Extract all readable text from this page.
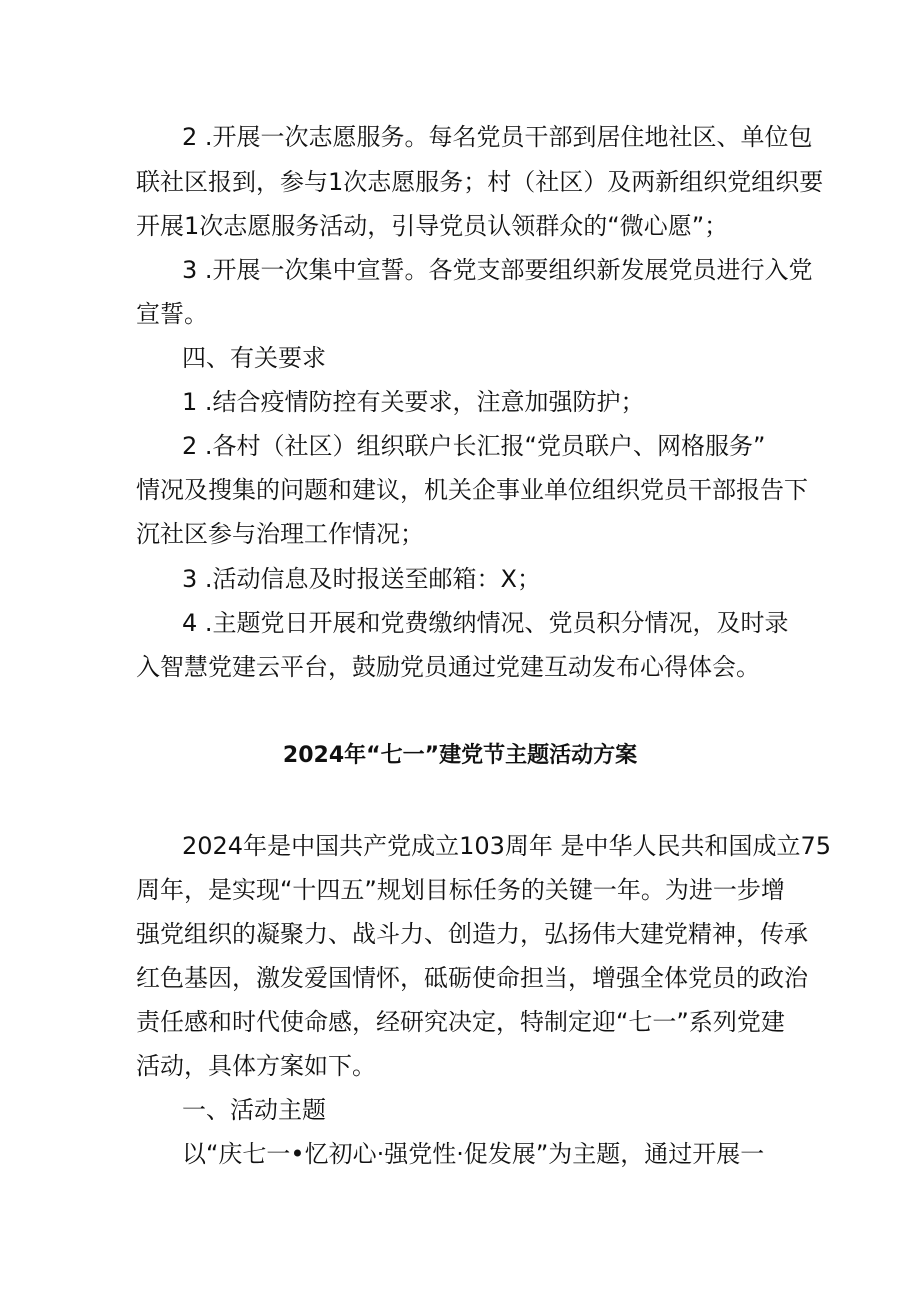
2 .开展一次志愿服务。每名党员干部到居住地社区、单位包
联社区报到，参与1次志愿服务；村（社区）及两新组织党组织要
开展1次志愿服务活动，引导党员认领群众的“微心愿”；
3 .开展一次集中宣誓。各党支部要组织新发展党员进行入党
宣誓。
四、有关要求
1 .结合疫情防控有关要求，注意加强防护；
2 .各村（社区）组织联户长汇报“党员联户、网格服务”
情况及搜集的问题和建议，机关企事业单位组织党员干部报告下
沉社区参与治理工作情况；
3 .活动信息及时报送至邮箱：X；
4 .主题党日开展和党费缴纳情况、党员积分情况，及时录
入智慧党建云平台，鼓励党员通过党建互动发布心得体会。
2024年“七一”建党节主题活动方案
2024年是中国共产党成立103周年 是中华人民共和国成立75
周年，是实现“十四五”规划目标任务的关键一年。为进一步增
强党组织的凝聚力、战斗力、创造力，弘扬伟大建党精神，传承
红色基因，激发爱国情怀，砥砺使命担当，增强全体党员的政治
责任感和时代使命感，经研究决定，特制定迎“七一”系列党建
活动，具体方案如下。
一、活动主题
以“庆七一•忆初心·强党性·促发展”为主题，通过开展一
